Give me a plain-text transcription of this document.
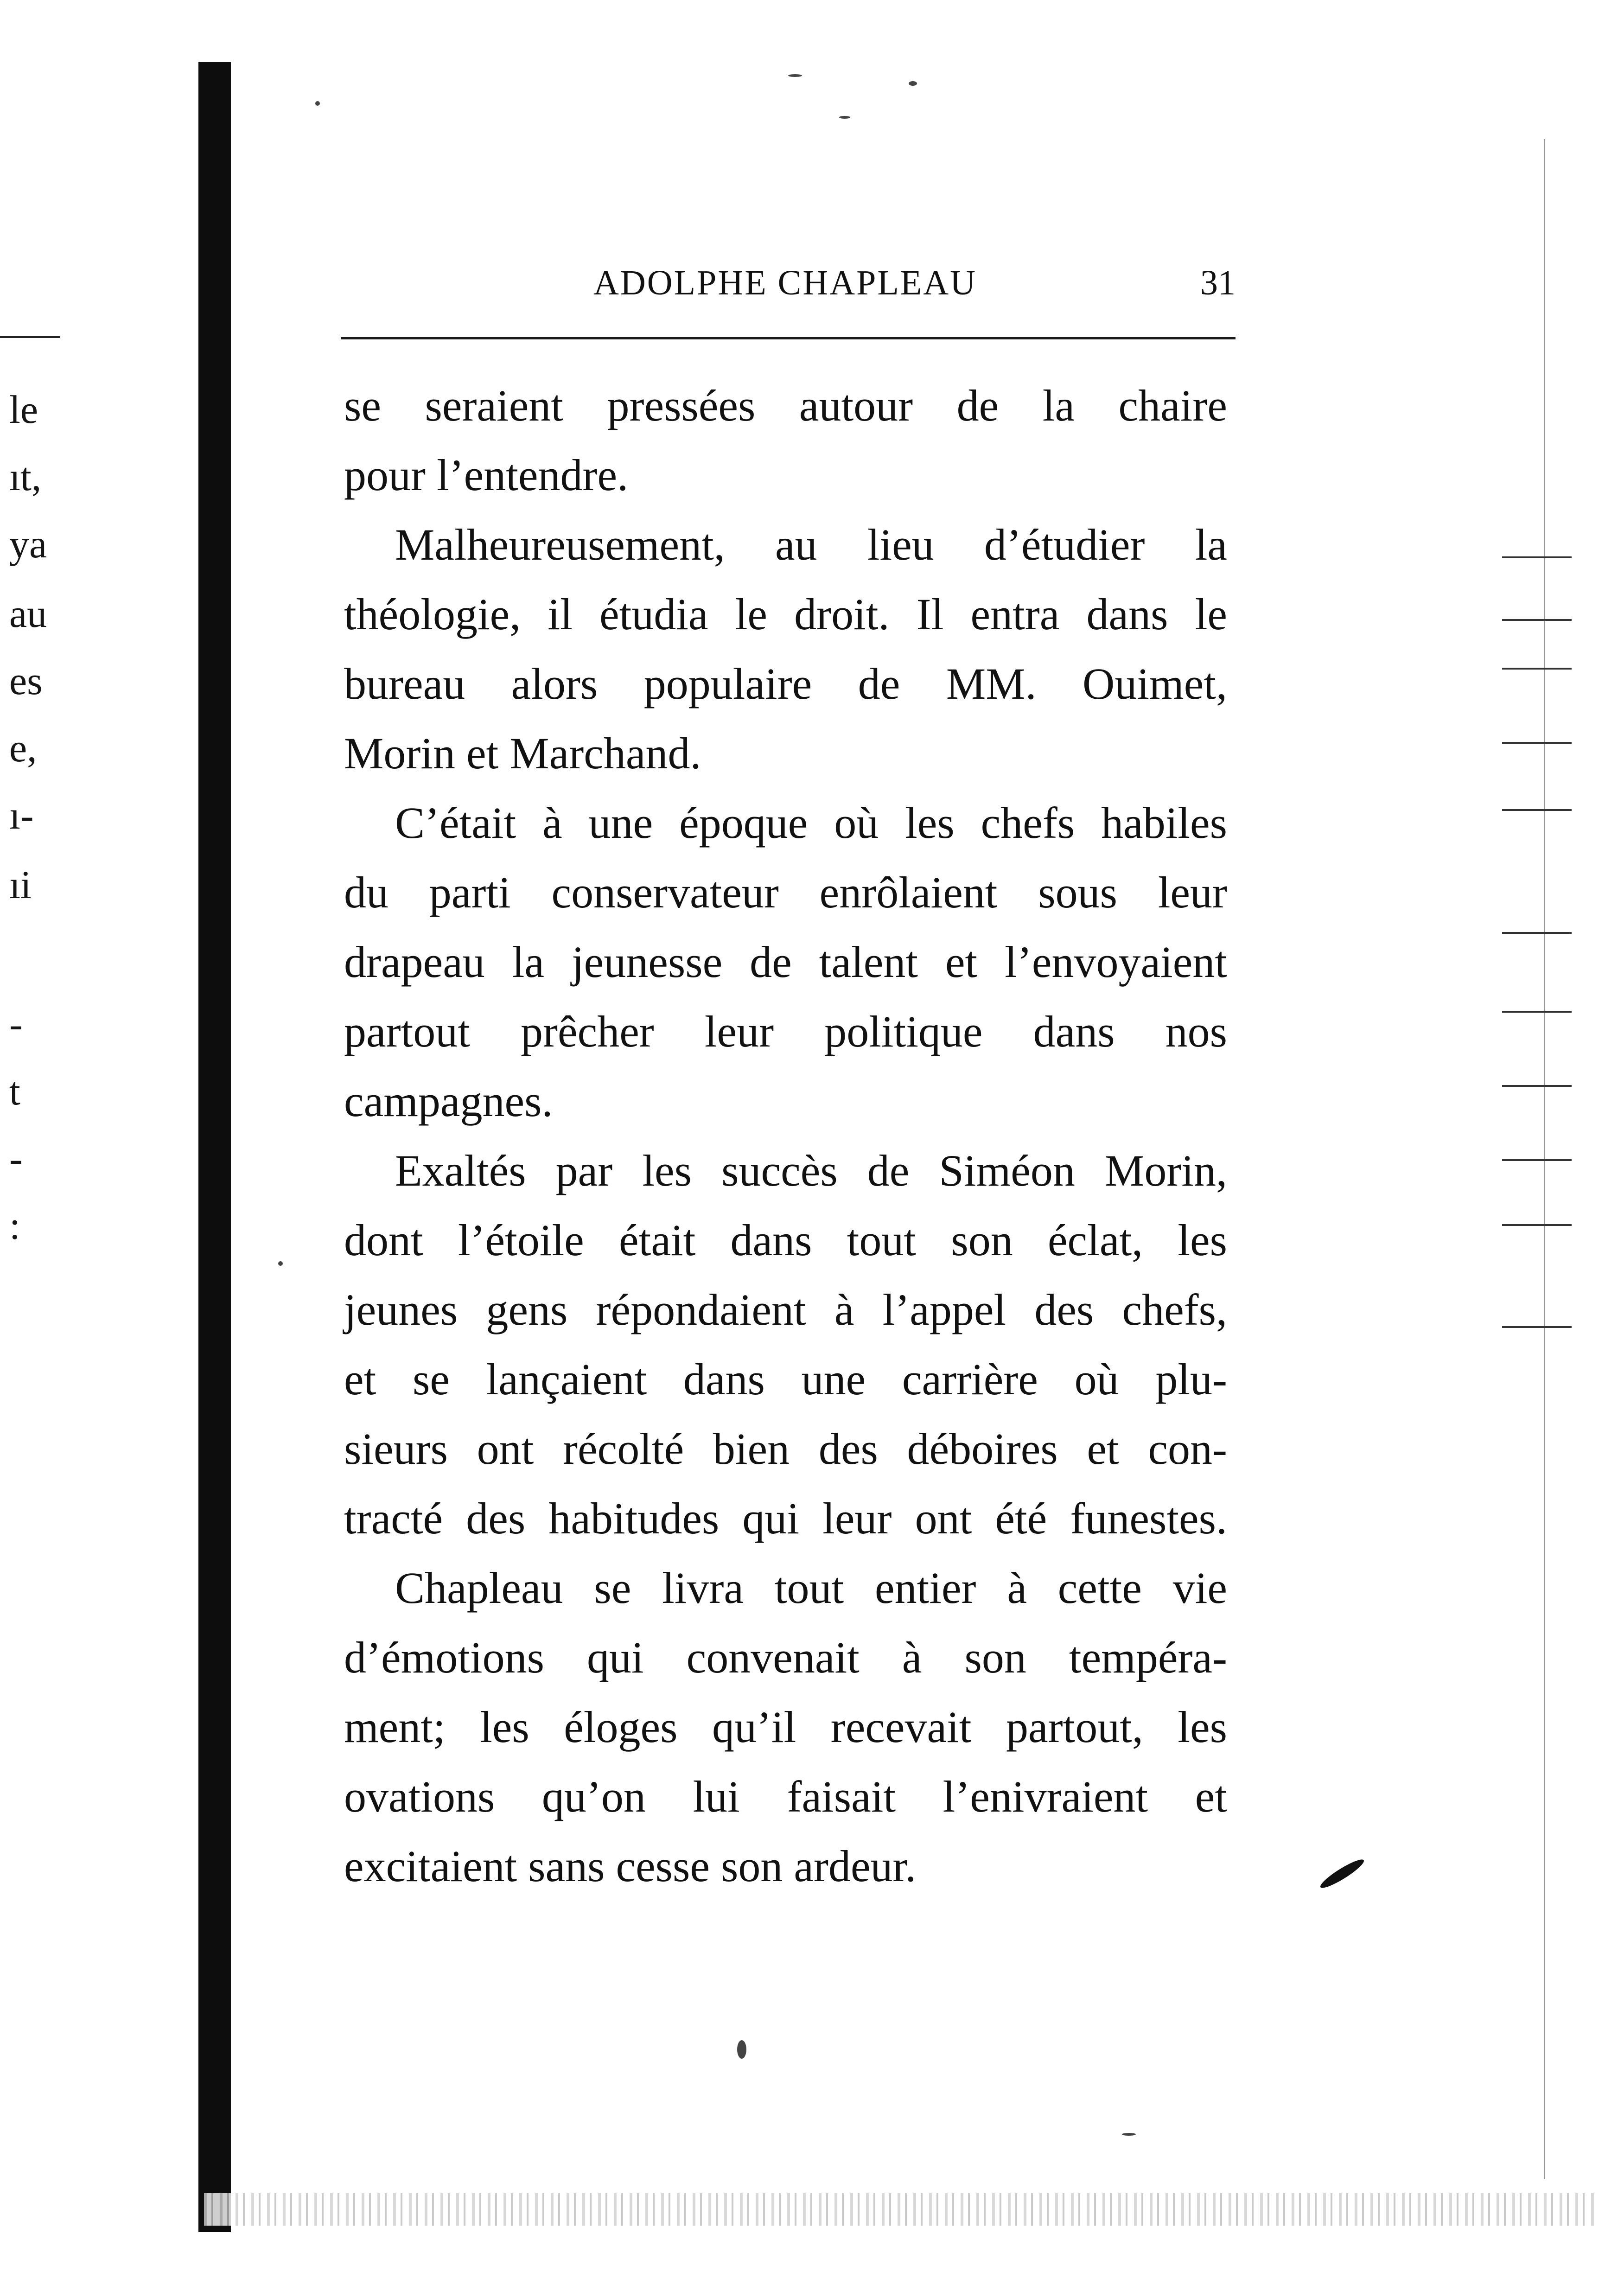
le
ıt,
ya
au
es
e,
ı-
ıi
-
t
-
:
ADOLPHE CHAPLEAU	31
se seraient pressées autour de la chaire
pour l’entendre.
Malheureusement, au lieu d’étudier la
théologie, il étudia le droit. Il entra dans le
bureau alors populaire de MM. Ouimet,
Morin et Marchand.
C’était à une époque où les chefs habiles
du parti conservateur enrôlaient sous leur
drapeau la jeunesse de talent et l’envoyaient
partout prêcher leur politique dans nos
campagnes.
Exaltés par les succès de Siméon Morin,
dont l’étoile était dans tout son éclat, les
jeunes gens répondaient à l’appel des chefs,
et se lançaient dans une carrière où plu-
sieurs ont récolté bien des déboires et con-
tracté des habitudes qui leur ont été funestes.
Chapleau se livra tout entier à cette vie
d’émotions qui convenait à son tempéra-
ment; les éloges qu’il recevait partout, les
ovations qu’on lui faisait l’enivraient et
excitaient sans cesse son ardeur.
